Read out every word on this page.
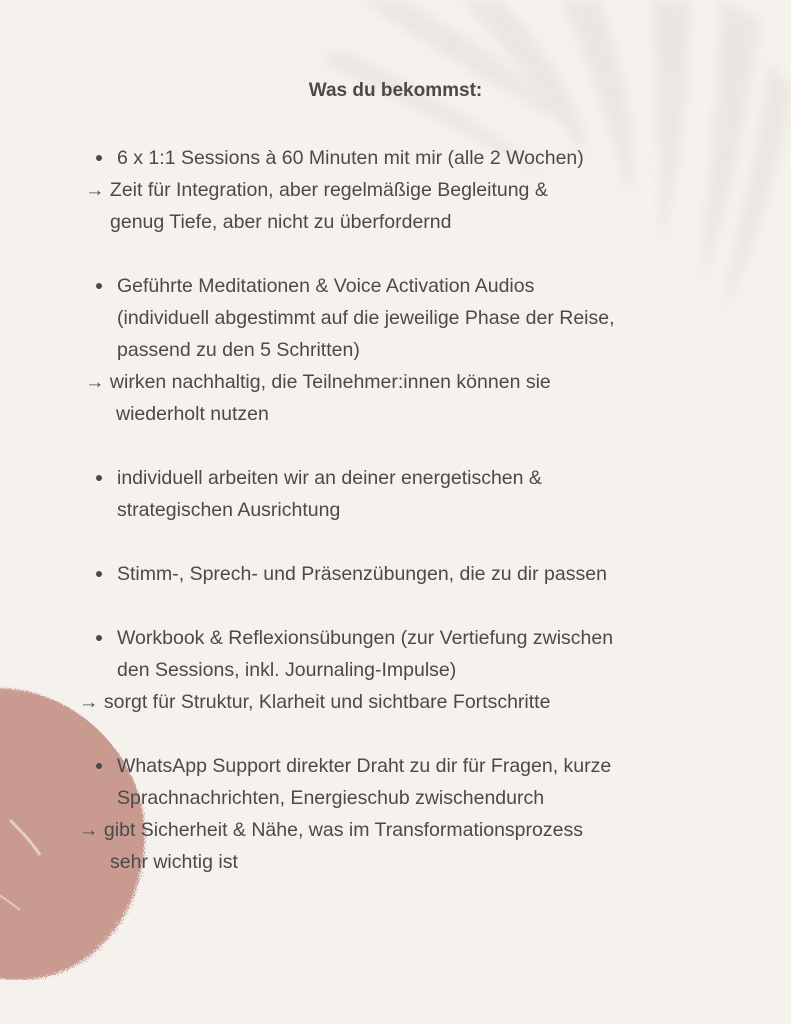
Was du bekommst:
6 x 1:1 Sessions à 60 Minuten mit mir (alle 2 Wochen)
→ Zeit für Integration, aber regelmäßige Begleitung &
genug Tiefe, aber nicht zu überfordernd
Geführte Meditationen & Voice Activation Audios
(individuell abgestimmt auf die jeweilige Phase der Reise,
passend zu den 5 Schritten)
→ wirken nachhaltig, die Teilnehmer:innen können sie
wiederholt nutzen
individuell arbeiten wir an deiner energetischen &
strategischen Ausrichtung
Stimm-, Sprech- und Präsenzübungen, die zu dir passen
Workbook & Reflexionsübungen (zur Vertiefung zwischen
den Sessions, inkl. Journaling-Impulse)
→ sorgt für Struktur, Klarheit und sichtbare Fortschritte
WhatsApp Support direkter Draht zu dir für Fragen, kurze
Sprachnachrichten, Energieschub zwischendurch
→ gibt Sicherheit & Nähe, was im Transformationsprozess
sehr wichtig ist
